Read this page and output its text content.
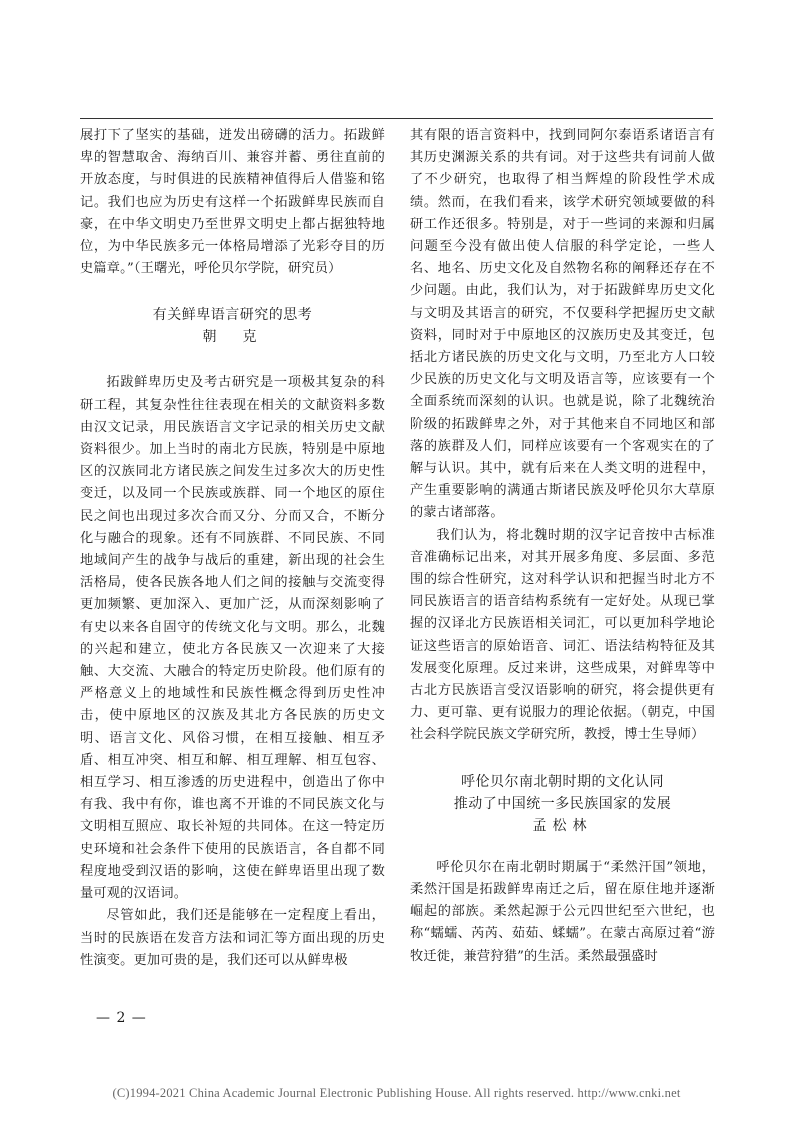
展打下了坚实的基础，迸发出磅礴的活力。拓跋鲜卑的智慧取舍、海纳百川、兼容并蓄、勇往直前的开放态度，与时俱进的民族精神值得后人借鉴和铭记。我们也应为历史有这样一个拓跋鲜卑民族而自豪，在中华文明史乃至世界文明史上都占据独特地位，为中华民族多元一体格局增添了光彩夺目的历史篇章。”（王曙光，呼伦贝尔学院，研究员）

有关鲜卑语言研究的思考

朝　克

拓跋鲜卑历史及考古研究是一项极其复杂的科研工程，其复杂性往往表现在相关的文献资料多数由汉文记录，用民族语言文字记录的相关历史文献资料很少。加上当时的南北方民族，特别是中原地区的汉族同北方诸民族之间发生过多次大的历史性变迁，以及同一个民族或族群、同一个地区的原住民之间也出现过多次合而又分、分而又合，不断分化与融合的现象。还有不同族群、不同民族、不同地域间产生的战争与战后的重建，新出现的社会生活格局，使各民族各地人们之间的接触与交流变得更加频繁、更加深入、更加广泛，从而深刻影响了有史以来各自固守的传统文化与文明。那么，北魏的兴起和建立，使北方各民族又一次迎来了大接触、大交流、大融合的特定历史阶段。他们原有的严格意义上的地域性和民族性概念得到历史性冲击，使中原地区的汉族及其北方各民族的历史文明、语言文化、风俗习惯，在相互接触、相互矛盾、相互冲突、相互和解、相互理解、相互包容、相互学习、相互渗透的历史进程中，创造出了你中有我、我中有你，谁也离不开谁的不同民族文化与文明相互照应、取长补短的共同体。在这一特定历史环境和社会条件下使用的民族语言，各自都不同程度地受到汉语的影响，这使在鲜卑语里出现了数量可观的汉语词。

尽管如此，我们还是能够在一定程度上看出，当时的民族语在发音方法和词汇等方面出现的历史性演变。更加可贵的是，我们还可以从鲜卑极

其有限的语言资料中，找到同阿尔泰语系诸语言有其历史渊源关系的共有词。对于这些共有词前人做了不少研究，也取得了相当辉煌的阶段性学术成绩。然而，在我们看来，该学术研究领域要做的科研工作还很多。特别是，对于一些词的来源和归属问题至今没有做出使人信服的科学定论，一些人名、地名、历史文化及自然物名称的阐释还存在不少问题。由此，我们认为，对于拓跋鲜卑历史文化与文明及其语言的研究，不仅要科学把握历史文献资料，同时对于中原地区的汉族历史及其变迁，包括北方诸民族的历史文化与文明，乃至北方人口较少民族的历史文化与文明及语言等，应该要有一个全面系统而深刻的认识。也就是说，除了北魏统治阶级的拓跋鲜卑之外，对于其他来自不同地区和部落的族群及人们，同样应该要有一个客观实在的了解与认识。其中，就有后来在人类文明的进程中，产生重要影响的满通古斯诸民族及呼伦贝尔大草原的蒙古诸部落。

我们认为，将北魏时期的汉字记音按中古标准音准确标记出来，对其开展多角度、多层面、多范围的综合性研究，这对科学认识和把握当时北方不同民族语言的语音结构系统有一定好处。从现已掌握的汉译北方民族语相关词汇，可以更加科学地论证这些语言的原始语音、词汇、语法结构特征及其发展变化原理。反过来讲，这些成果，对鲜卑等中古北方民族语言受汉语影响的研究，将会提供更有力、更可靠、更有说服力的理论依据。（朝克，中国社会科学院民族文学研究所，教授，博士生导师）

呼伦贝尔南北朝时期的文化认同

推动了中国统一多民族国家的发展

孟松林

呼伦贝尔在南北朝时期属于“柔然汗国”领地，柔然汗国是拓跋鲜卑南迁之后，留在原住地并逐渐崛起的部族。柔然起源于公元四世纪至六世纪，也称“蠕蠕、芮芮、茹茹、蝚蠕”。在蒙古高原过着“游牧迁徙，兼营狩猎”的生活。柔然最强盛时

— 2 —
(C)1994-2021 China Academic Journal Electronic Publishing House. All rights reserved. http://www.cnki.net
